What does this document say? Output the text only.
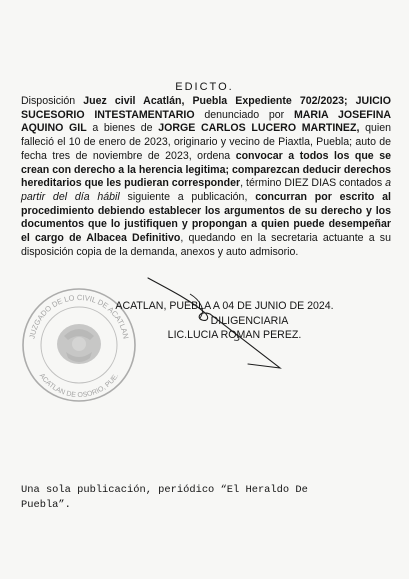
EDICTO.
Disposición Juez civil Acatlán, Puebla Expediente 702/2023; JUICIO SUCESORIO INTESTAMENTARIO denunciado por MARIA JOSEFINA AQUINO GIL a bienes de JORGE CARLOS LUCERO MARTINEZ, quien falleció el 10 de enero de 2023, originario y vecino de Piaxtla, Puebla; auto de fecha tres de noviembre de 2023, ordena convocar a todos los que se crean con derecho a la herencia legitima; comparezcan deducir derechos hereditarios que les pudieran corresponder, término DIEZ DIAS contados a partir del día hábil siguiente a publicación, concurran por escrito al procedimiento debiendo establecer los argumentos de su derecho y los documentos que lo justifiquen y propongan a quien puede desempeñar el cargo de Albacea Definitivo, quedando en la secretaria actuante a su disposición copia de la demanda, anexos y auto admisorio.
JUZGADO DE LO CIVIL DE ACATLAN
ACATLAN DE OSORIO, PUE.
ACATLAN, PUEBLA A 04 DE JUNIO DE 2024.
DILIGENCIARIA
LIC.LUCIA ROMAN PEREZ.
Una sola publicación, periódico “El Heraldo De
Puebla”.
